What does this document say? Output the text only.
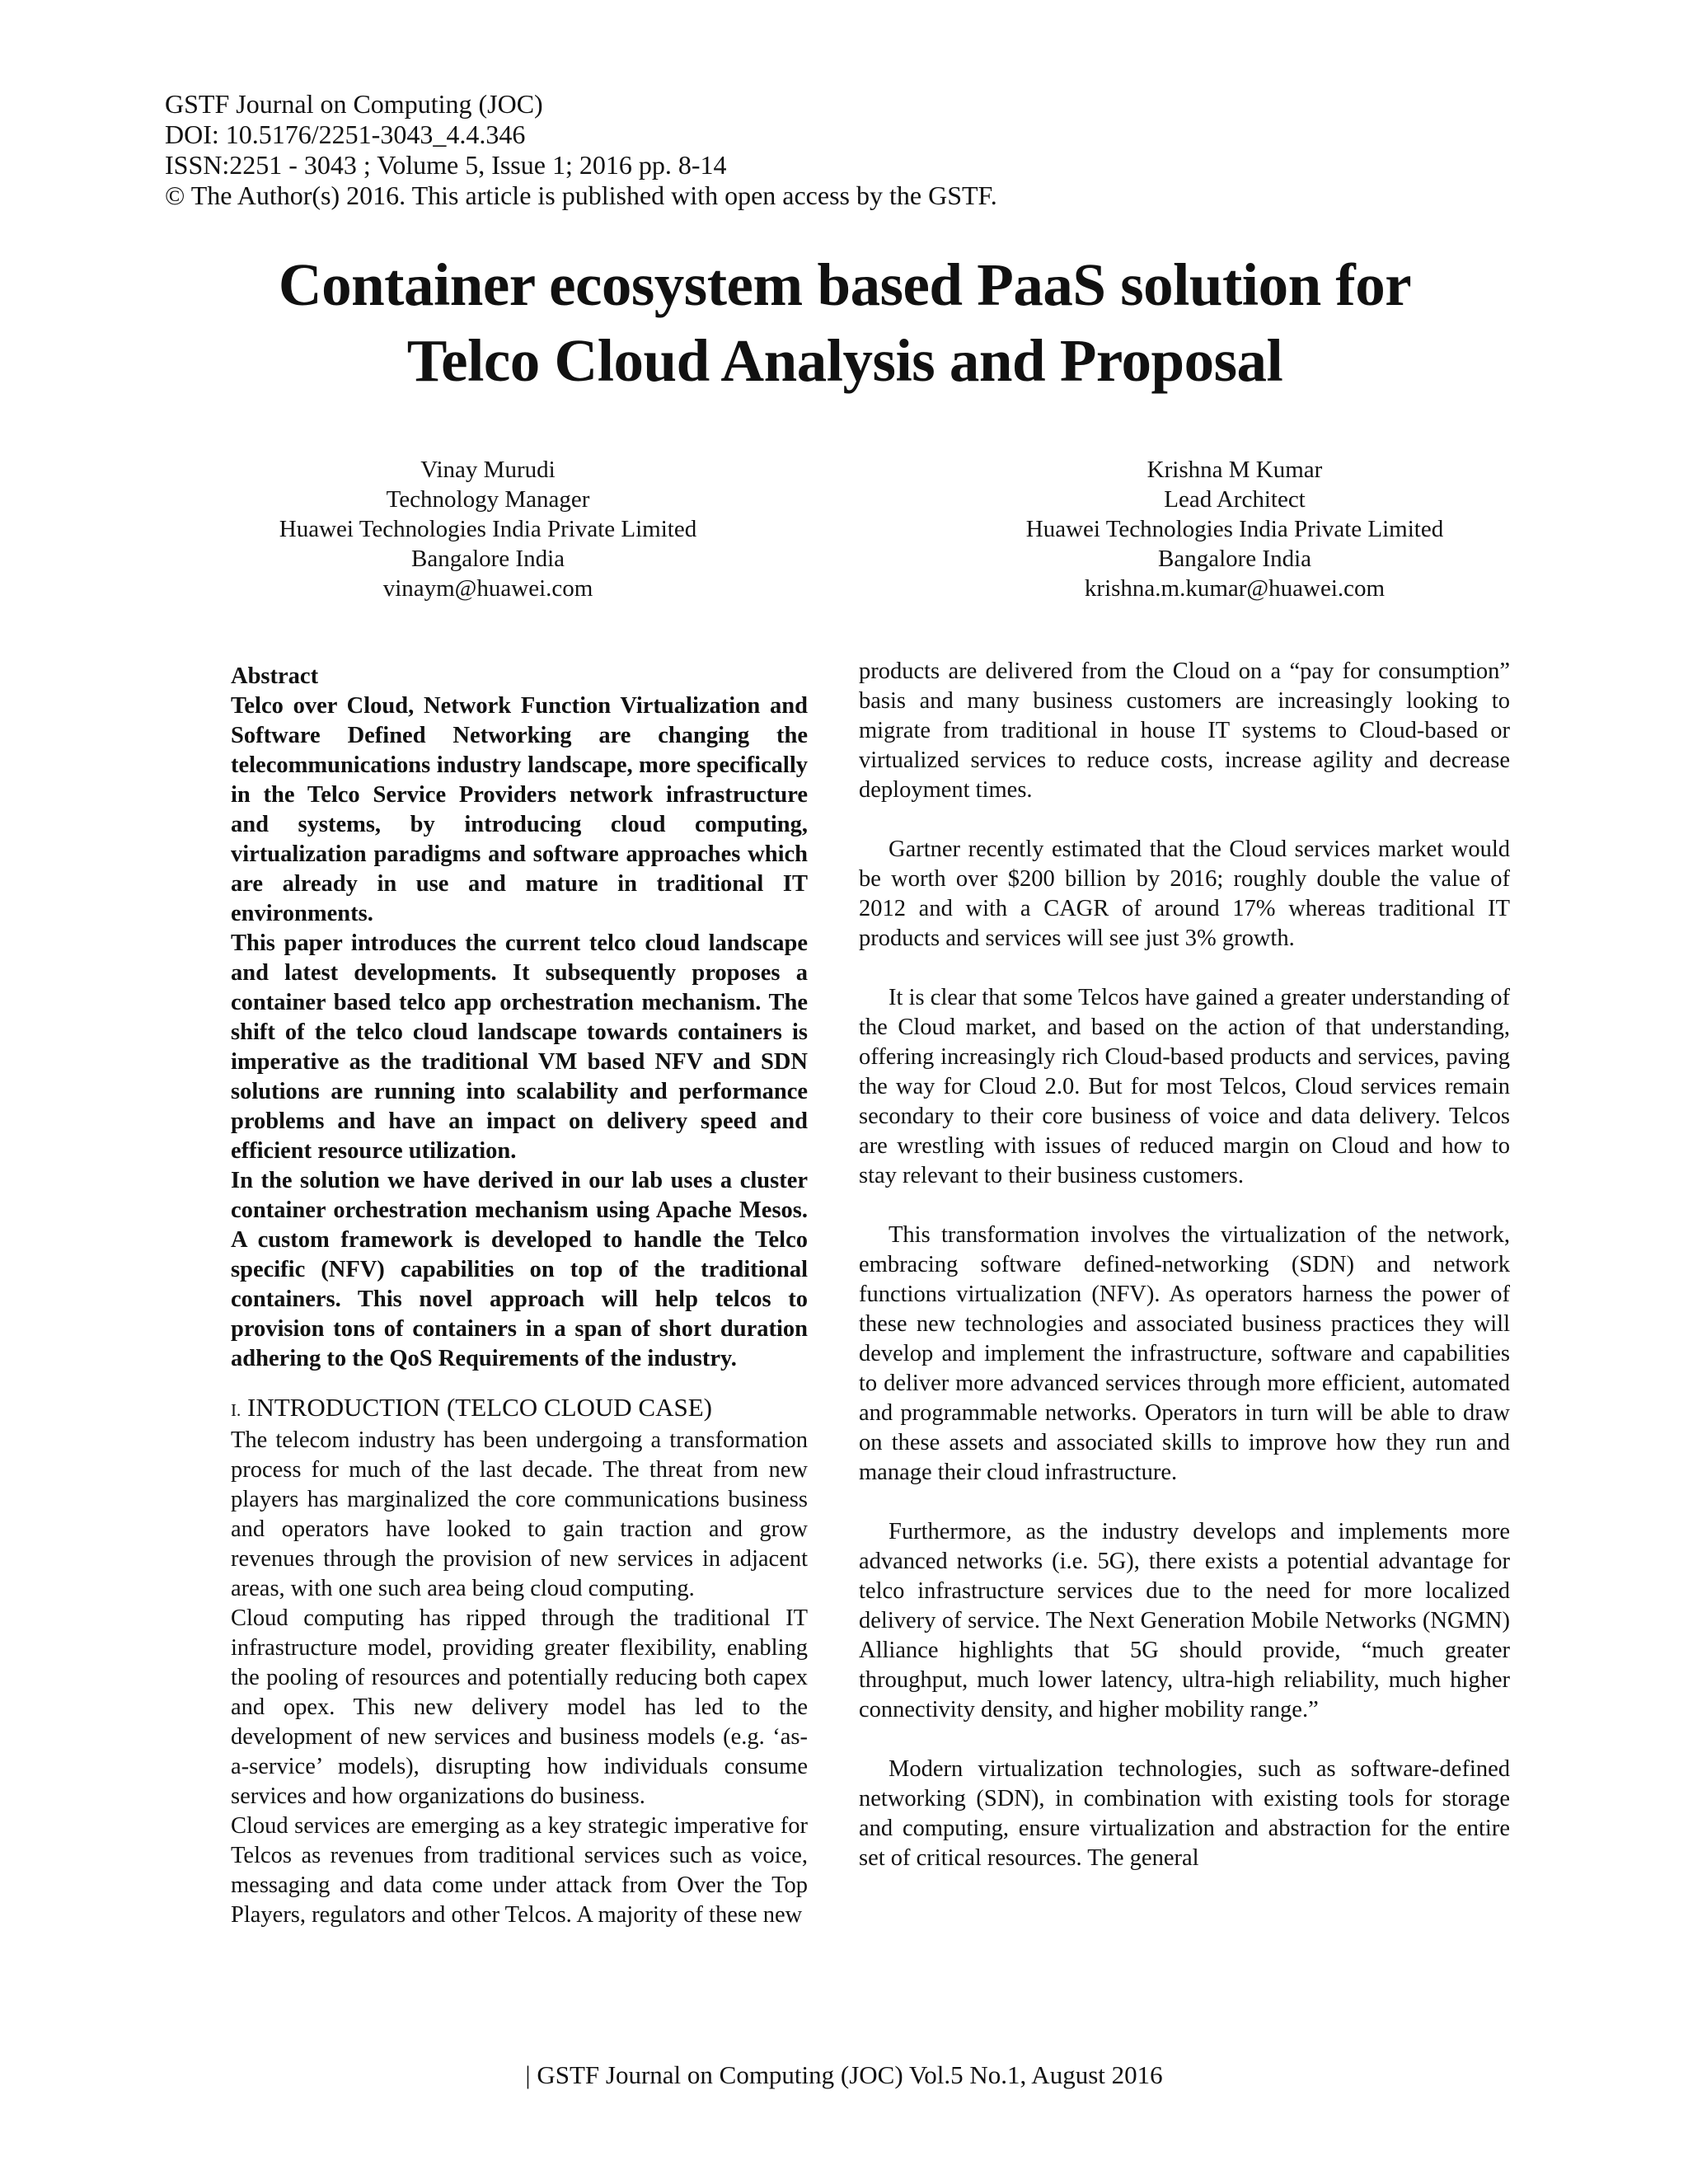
GSTF Journal on Computing (JOC)
DOI: 10.5176/2251-3043_4.4.346
ISSN:2251 - 3043 ; Volume 5, Issue 1; 2016 pp. 8-14
© The Author(s) 2016. This article is published with open access by the GSTF.
Container ecosystem based PaaS solution for
Telco Cloud Analysis and Proposal
Vinay Murudi
Technology Manager
Huawei Technologies India Private Limited
Bangalore India
vinaym@huawei.com
Krishna M Kumar
Lead Architect
Huawei Technologies India Private Limited
Bangalore India
krishna.m.kumar@huawei.com
Abstract

Telco over Cloud, Network Function Virtualization and Software Defined Networking are changing the telecommunications industry landscape, more specifically in the Telco Service Providers network infrastructure and systems, by introducing cloud computing, virtualization paradigms and software approaches which are already in use and mature in traditional IT environments.

This paper introduces the current telco cloud landscape and latest developments. It subsequently proposes a container based telco app orchestration mechanism. The shift of the telco cloud landscape towards containers is imperative as the traditional VM based NFV and SDN solutions are running into scalability and performance problems and have an impact on delivery speed and efficient resource utilization.

In the solution we have derived in our lab uses a cluster container orchestration mechanism using Apache Mesos. A custom framework is developed to handle the Telco specific (NFV) capabilities on top of the traditional containers. This novel approach will help telcos to provision tons of containers in a span of short duration adhering to the QoS Requirements of the industry.

I. INTRODUCTION (TELCO CLOUD CASE)

The telecom industry has been undergoing a transformation process for much of the last decade. The threat from new players has marginalized the core communications business and operators have looked to gain traction and grow revenues through the provision of new services in adjacent areas, with one such area being cloud computing.

Cloud computing has ripped through the traditional IT infrastructure model, providing greater flexibility, enabling the pooling of resources and potentially reducing both capex and opex. This new delivery model has led to the development of new services and business models (e.g. ‘as-a-service’ models), disrupting how individuals consume services and how organizations do business.

Cloud services are emerging as a key strategic imperative for Telcos as revenues from traditional services such as voice, messaging and data come under attack from Over the Top Players, regulators and other Telcos. A majority of these new

products are delivered from the Cloud on a “pay for consumption” basis and many business customers are increasingly looking to migrate from traditional in house IT systems to Cloud-based or virtualized services to reduce costs, increase agility and decrease deployment times.

Gartner recently estimated that the Cloud services market would be worth over $200 billion by 2016; roughly double the value of 2012 and with a CAGR of around 17% whereas traditional IT products and services will see just 3% growth.

It is clear that some Telcos have gained a greater understanding of the Cloud market, and based on the action of that understanding, offering increasingly rich Cloud-based products and services, paving the way for Cloud 2.0. But for most Telcos, Cloud services remain secondary to their core business of voice and data delivery. Telcos are wrestling with issues of reduced margin on Cloud and how to stay relevant to their business customers.

This transformation involves the virtualization of the network, embracing software defined-networking (SDN) and network functions virtualization (NFV). As operators harness the power of these new technologies and associated business practices they will develop and implement the infrastructure, software and capabilities to deliver more advanced services through more efficient, automated and programmable networks. Operators in turn will be able to draw on these assets and associated skills to improve how they run and manage their cloud infrastructure.

Furthermore, as the industry develops and implements more advanced networks (i.e. 5G), there exists a potential advantage for telco infrastructure services due to the need for more localized delivery of service. The Next Generation Mobile Networks (NGMN) Alliance highlights that 5G should provide, “much greater throughput, much lower latency, ultra-high reliability, much higher connectivity density, and higher mobility range.”

Modern virtualization technologies, such as software-defined networking (SDN), in combination with existing tools for storage and computing, ensure virtualization and abstraction for the entire set of critical resources. The general

| GSTF Journal on Computing (JOC) Vol.5 No.1, August 2016
